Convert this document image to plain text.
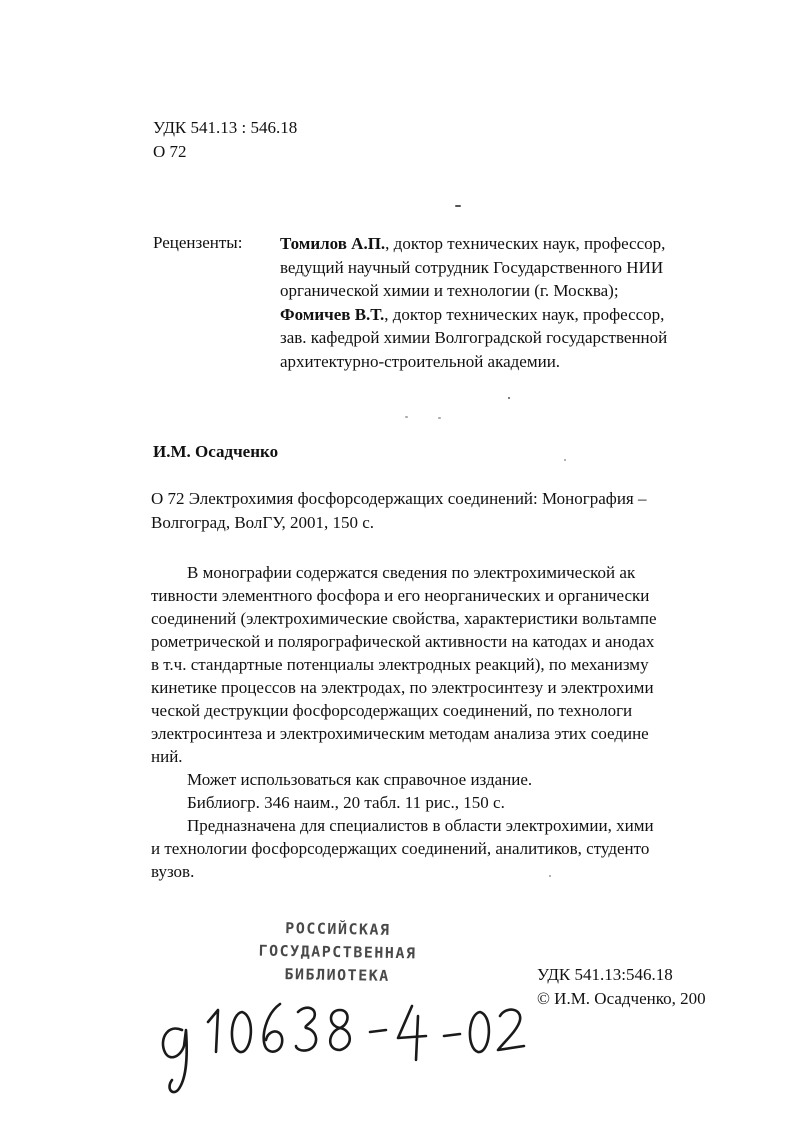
УДК 541.13 : 546.18
О 72
Рецензенты: Томилов А.П., доктор технических наук, профессор,
ведущий научный сотрудник Государственного НИИ
органической химии и технологии (г. Москва);
Фомичев В.Т., доктор технических наук, профессор,
зав. кафедрой химии Волгоградской государственной
архитектурно-строительной академии.
И.М. Осадченко
О 72 Электрохимия фосфорсодержащих соединений: Монография –
Волгоград, ВолГУ, 2001, 150 с.
В монографии содержатся сведения по электрохимической ак
тивности элементного фосфора и его неорганических и органически
соединений (электрохимические свойства, характеристики вольтампе
рометрической и полярографической активности на катодах и анодах
в т.ч. стандартные потенциалы электродных реакций), по механизму
кинетике процессов на электродах, по электросинтезу и электрохими
ческой деструкции фосфорсодержащих соединений, по технологи
электросинтеза и электрохимическим методам анализа этих соедине
ний.
Может использоваться как справочное издание.
Библиогр. 346 наим., 20 табл. 11 рис., 150 с.
Предназначена для специалистов в области электрохимии, хими
и технологии фосфорсодержащих соединений, аналитиков, студенто
вузов.
РОССИЙСКАЯ
ГОСУДАРСТВЕННАЯ
БИБЛИОТЕКА	УДК 541.13:546.18
© И.М. Осадченко, 200
